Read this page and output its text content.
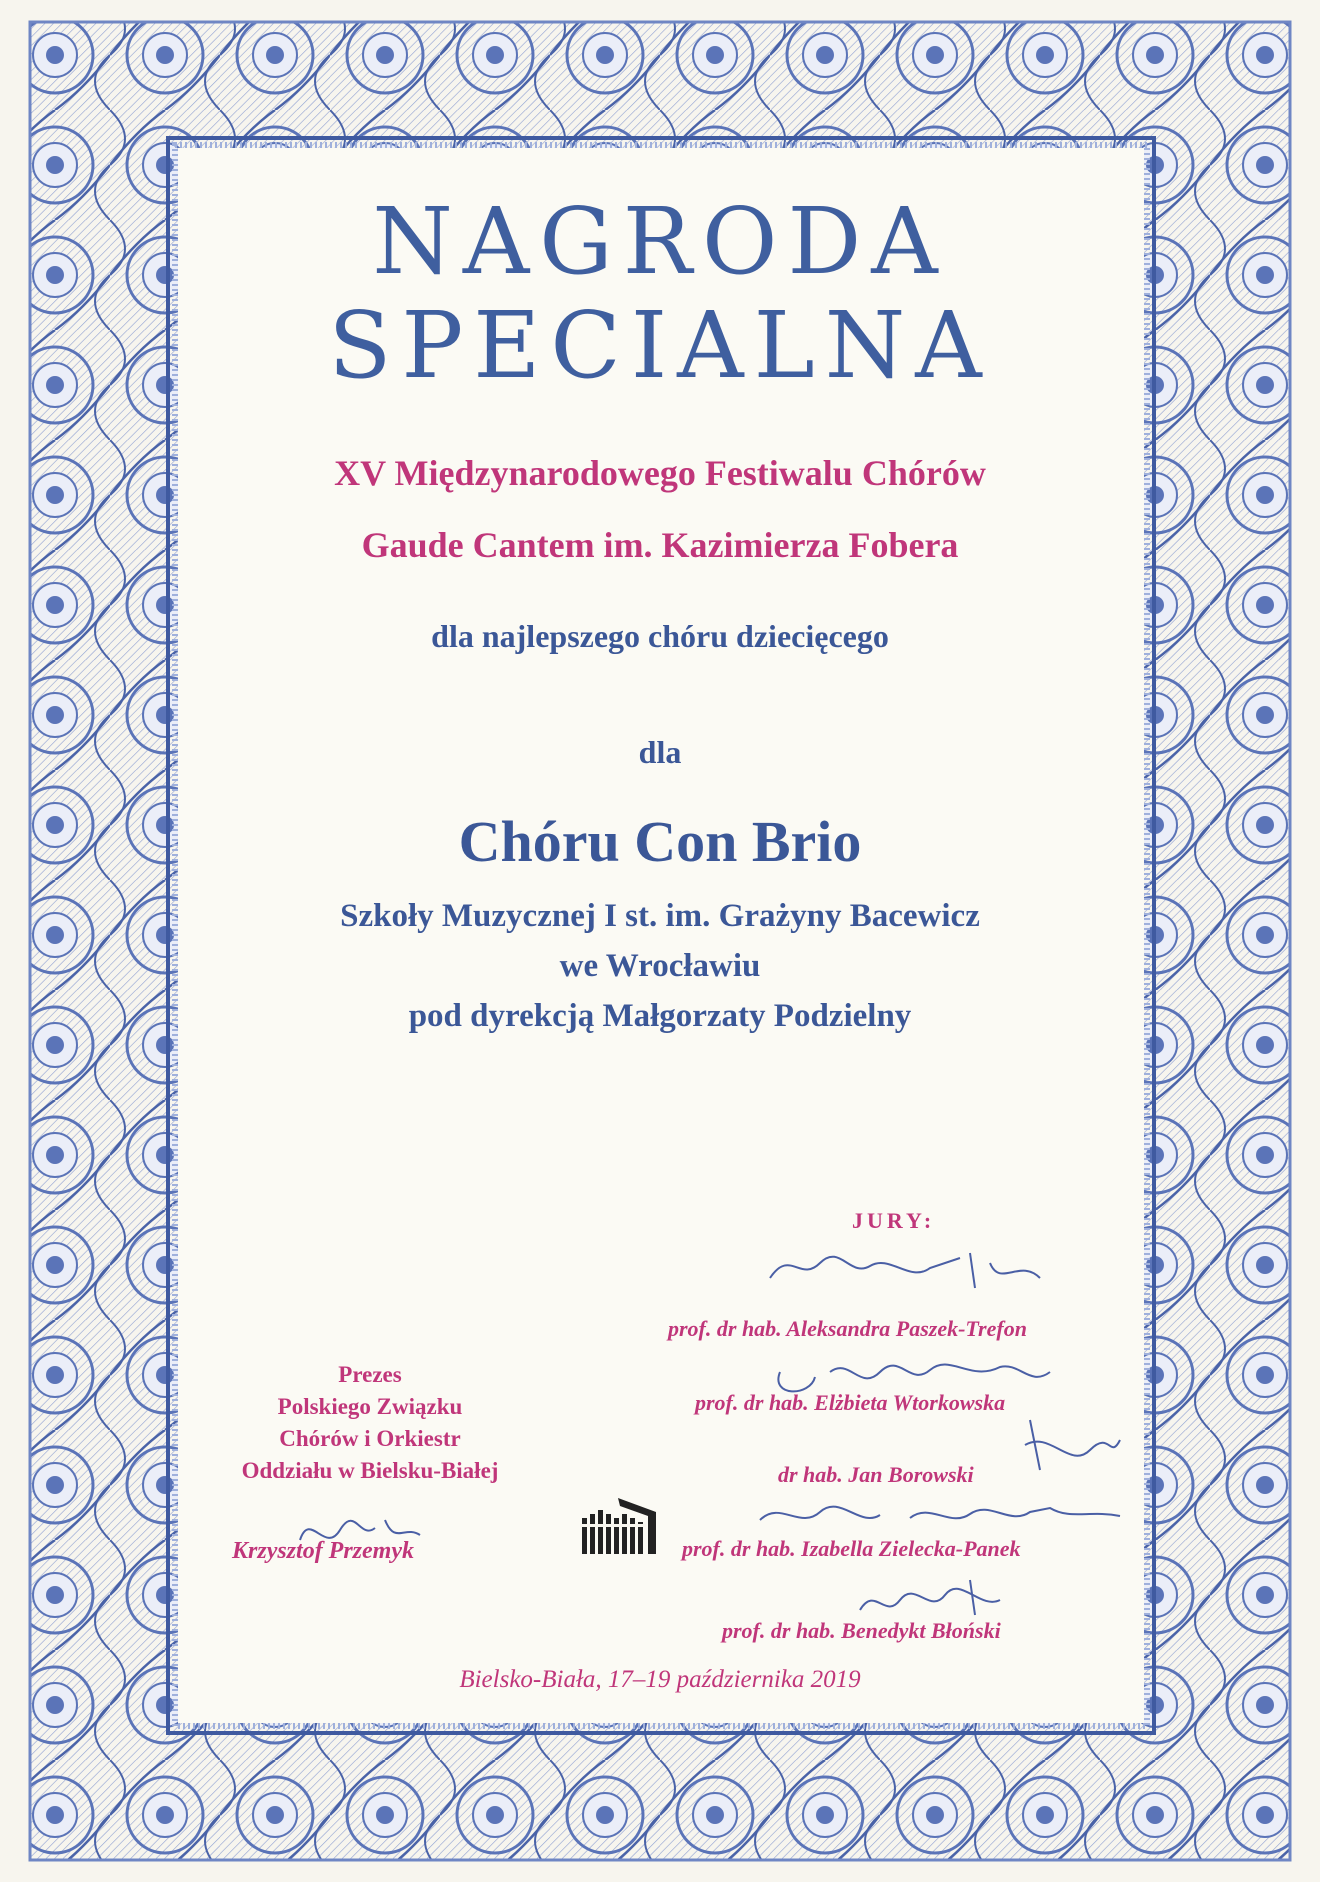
NAGRODA
SPECIALNA
XV Międzynarodowego Festiwalu Chórów
Gaude Cantem im. Kazimierza Fobera
dla najlepszego chóru dziecięcego
dla
Chóru Con Brio
Szkoły Muzycznej I st. im. Grażyny Bacewicz
we Wrocławiu
pod dyrekcją Małgorzaty Podzielny
JURY:
prof. dr hab. Aleksandra Paszek-Trefon
prof. dr hab. Elżbieta Wtorkowska
dr hab. Jan Borowski
prof. dr hab. Izabella Zielecka-Panek
prof. dr hab. Benedykt Błoński
Prezes
Polskiego Związku
Chórów i Orkiestr
Oddziału w Bielsku-Białej
Krzysztof Przemyk
Bielsko-Biała, 17–19 października 2019
